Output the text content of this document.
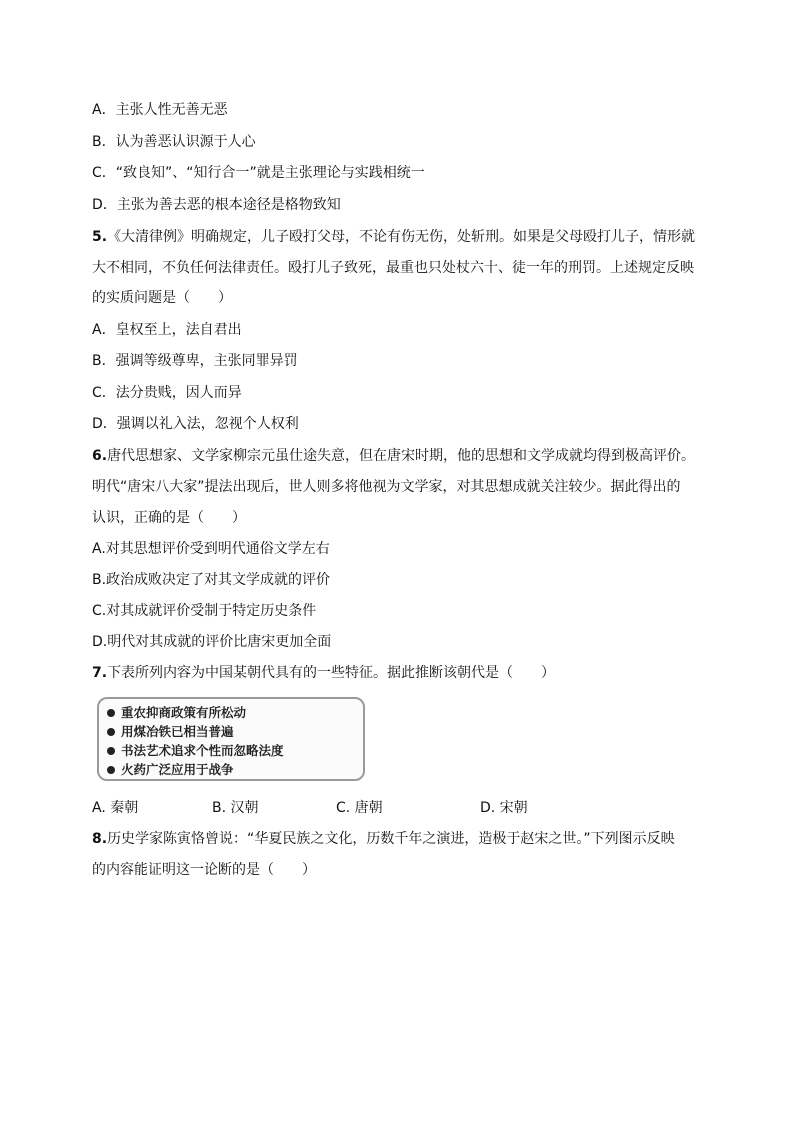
A．主张人性无善无恶
B．认为善恶认识源于人心
C．“致良知”、“知行合一”就是主张理论与实践相统一
D．主张为善去恶的根本途径是格物致知
5.《大清律例》明确规定，儿子殴打父母，不论有伤无伤，处斩刑。如果是父母殴打儿子，情形就
大不相同，不负任何法律责任。殴打儿子致死，最重也只处杖六十、徒一年的刑罚。上述规定反映
的实质问题是（　　）
A．皇权至上，法自君出
B．强调等级尊卑，主张同罪异罚
C．法分贵贱，因人而异
D．强调以礼入法，忽视个人权利
6.唐代思想家、文学家柳宗元虽仕途失意，但在唐宋时期，他的思想和文学成就均得到极高评价。
明代“唐宋八大家”提法出现后，世人则多将他视为文学家，对其思想成就关注较少。据此得出的
认识，正确的是（　　）
A.对其思想评价受到明代通俗文学左右
B.政治成败决定了对其文学成就的评价
C.对其成就评价受制于特定历史条件
D.明代对其成就的评价比唐宋更加全面
7.下表所列内容为中国某朝代具有的一些特征。据此推断该朝代是（　　）
重农抑商政策有所松动
用煤冶铁已相当普遍
书法艺术追求个性而忽略法度
火药广泛应用于战争
A. 秦朝	B. 汉朝	C. 唐朝	D. 宋朝
8.历史学家陈寅恪曾说：“华夏民族之文化，历数千年之演进，造极于赵宋之世。”下列图示反映
的内容能证明这一论断的是（　　）
